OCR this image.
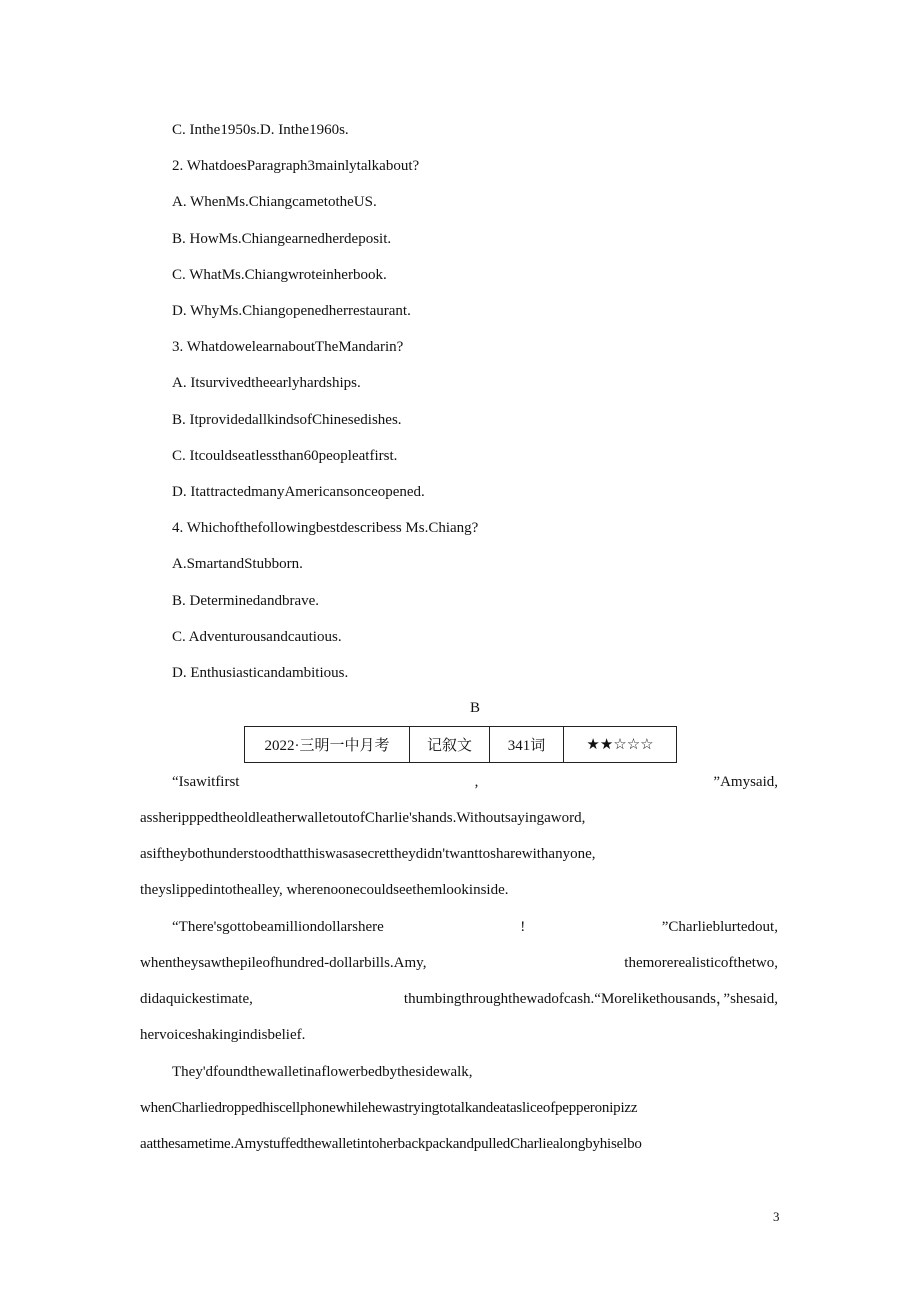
C. Inthe1950s.D. Inthe1960s.
2. WhatdoesParagraph3mainlytalkabout?
A. WhenMs.ChiangcametotheUS.
B. HowMs.Chiangearnedherdeposit.
C. WhatMs.Chiangwroteinherbook.
D. WhyMs.Chiangopenedherrestaurant.
3. WhatdowelearnaboutTheMandarin?
A. Itsurvivedtheearlyhardships.
B. ItprovidedallkindsofChinesedishes.
C. Itcouldseatlessthan60peopleatfirst.
D. ItattractedmanyAmericansonceopened.
4. Whichofthefollowingbestdescribess Ms.Chiang?
A.SmartandStubborn.
B. Determinedandbrave.
C. Adventurousandcautious.
D. Enthusiasticandambitious.
B
2022·三明一中月考	记叙文	341词	★★☆☆☆
“Isawitfirst	,	”Amysaid,
assheripppedtheoldleatherwalletoutofCharlie'shands.Withoutsayingaword,
asiftheybothunderstoodthatthiswasasecrettheydidn'twanttosharewithanyone,
theyslippedintothealley, wherenoonecouldseethemlookinside.
“There'sgottobeamilliondollarshere	!	”Charlieblurtedout,
whentheysawthepileofhundred-dollarbills.Amy,	themorerealisticofthetwo,
didaquickestimate,	thumbingthroughthewadofcash.“Morelikethousands，”shesaid,
hervoiceshakingindisbelief.
They'dfoundthewalletinaflowerbedbythesidewalk,
whenCharliedroppedhiscellphonewhilehewastryingtotalkandeatasliceofpepperonipizz
aatthesametime.AmystuffedthewalletintoherbackpackandpulledCharliealongbyhiselbo
3
